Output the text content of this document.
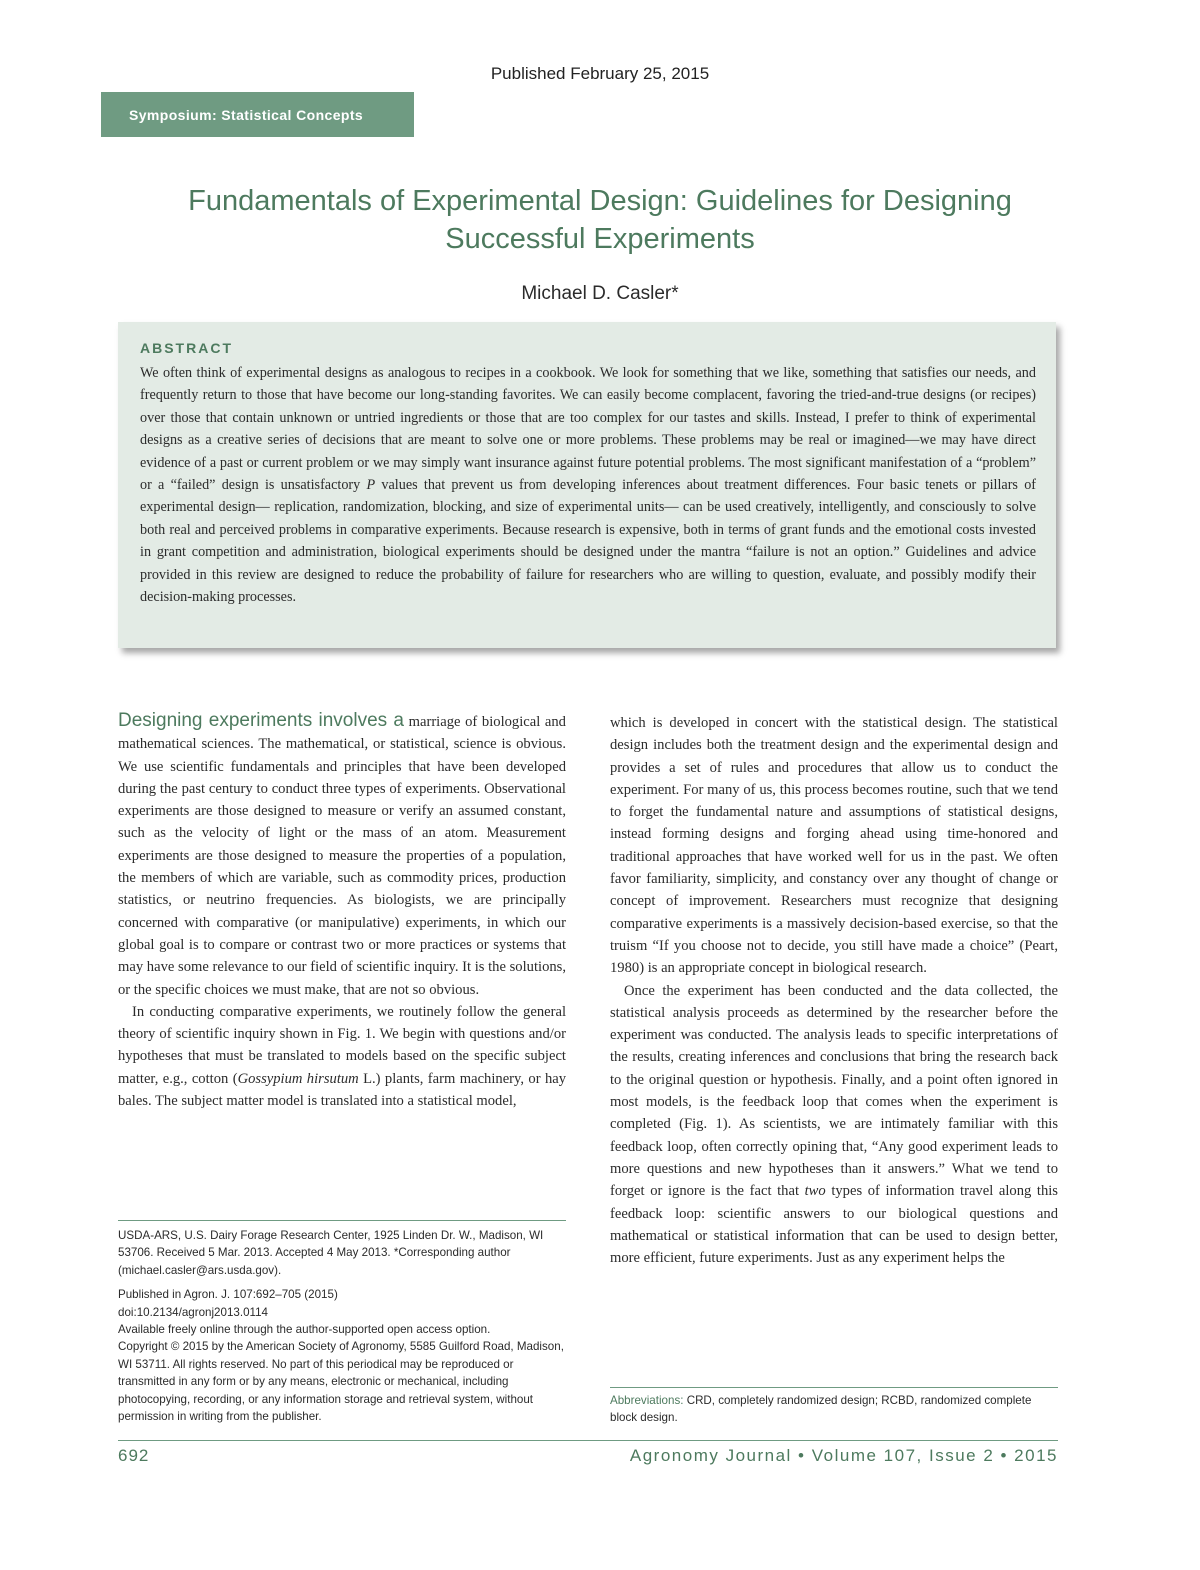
Published February 25, 2015
Symposium: Statistical Concepts
Fundamentals of Experimental Design: Guidelines for Designing Successful Experiments
Michael D. Casler*
ABSTRACT
We often think of experimental designs as analogous to recipes in a cookbook. We look for something that we like, something that satisfies our needs, and frequently return to those that have become our long-standing favorites. We can easily become complacent, favoring the tried-and-true designs (or recipes) over those that contain unknown or untried ingredients or those that are too complex for our tastes and skills. Instead, I prefer to think of experimental designs as a creative series of decisions that are meant to solve one or more problems. These problems may be real or imagined—we may have direct evidence of a past or current problem or we may simply want insurance against future potential problems. The most significant manifestation of a “problem” or a “failed” design is unsatisfactory P values that prevent us from developing inferences about treatment differences. Four basic tenets or pillars of experimental design— replication, randomization, blocking, and size of experimental units— can be used creatively, intelligently, and consciously to solve both real and perceived problems in comparative experiments. Because research is expensive, both in terms of grant funds and the emotional costs invested in grant competition and administration, biological experiments should be designed under the mantra “failure is not an option.” Guidelines and advice provided in this review are designed to reduce the probability of failure for researchers who are willing to question, evaluate, and possibly modify their decision-making processes.

Designing experiments involves a marriage of biological and mathematical sciences. The mathematical, or statistical, science is obvious. We use scientific fundamentals and principles that have been developed during the past century to conduct three types of experiments. Observational experiments are those designed to measure or verify an assumed constant, such as the velocity of light or the mass of an atom. Measurement experiments are those designed to measure the properties of a population, the members of which are variable, such as commodity prices, production statistics, or neutrino frequencies. As biologists, we are principally concerned with comparative (or manipulative) experiments, in which our global goal is to compare or contrast two or more practices or systems that may have some relevance to our field of scientific inquiry. It is the solutions, or the specific choices we must make, that are not so obvious.

In conducting comparative experiments, we routinely follow the general theory of scientific inquiry shown in Fig. 1. We begin with questions and/or hypotheses that must be translated to models based on the specific subject matter, e.g., cotton (Gossypium hirsutum L.) plants, farm machinery, or hay bales. The subject matter model is translated into a statistical model,

which is developed in concert with the statistical design. The statistical design includes both the treatment design and the experimental design and provides a set of rules and procedures that allow us to conduct the experiment. For many of us, this process becomes routine, such that we tend to forget the fundamental nature and assumptions of statistical designs, instead forming designs and forging ahead using time-honored and traditional approaches that have worked well for us in the past. We often favor familiarity, simplicity, and constancy over any thought of change or concept of improvement. Researchers must recognize that designing comparative experiments is a massively decision-based exercise, so that the truism “If you choose not to decide, you still have made a choice” (Peart, 1980) is an appropriate concept in biological research.

Once the experiment has been conducted and the data collected, the statistical analysis proceeds as determined by the researcher before the experiment was conducted. The analysis leads to specific interpretations of the results, creating inferences and conclusions that bring the research back to the original question or hypothesis. Finally, and a point often ignored in most models, is the feedback loop that comes when the experiment is completed (Fig. 1). As scientists, we are intimately familiar with this feedback loop, often correctly opining that, “Any good experiment leads to more questions and new hypotheses than it answers.” What we tend to forget or ignore is the fact that two types of information travel along this feedback loop: scientific answers to our biological questions and mathematical or statistical information that can be used to design better, more efficient, future experiments. Just as any experiment helps the

USDA-ARS, U.S. Dairy Forage Research Center, 1925 Linden Dr. W., Madison, WI 53706. Received 5 Mar. 2013. Accepted 4 May 2013. *Corresponding author (michael.casler@ars.usda.gov).

Published in Agron. J. 107:692–705 (2015)

doi:10.2134/agronj2013.0114

Available freely online through the author-supported open access option.

Copyright © 2015 by the American Society of Agronomy, 5585 Guilford Road, Madison, WI 53711. All rights reserved. No part of this periodical may be reproduced or transmitted in any form or by any means, electronic or mechanical, including photocopying, recording, or any information storage and retrieval system, without permission in writing from the publisher.

Abbreviations: CRD, completely randomized design; RCBD, randomized complete block design.
692	Agronomy Journal • Volume 107, Issue 2 • 2015
